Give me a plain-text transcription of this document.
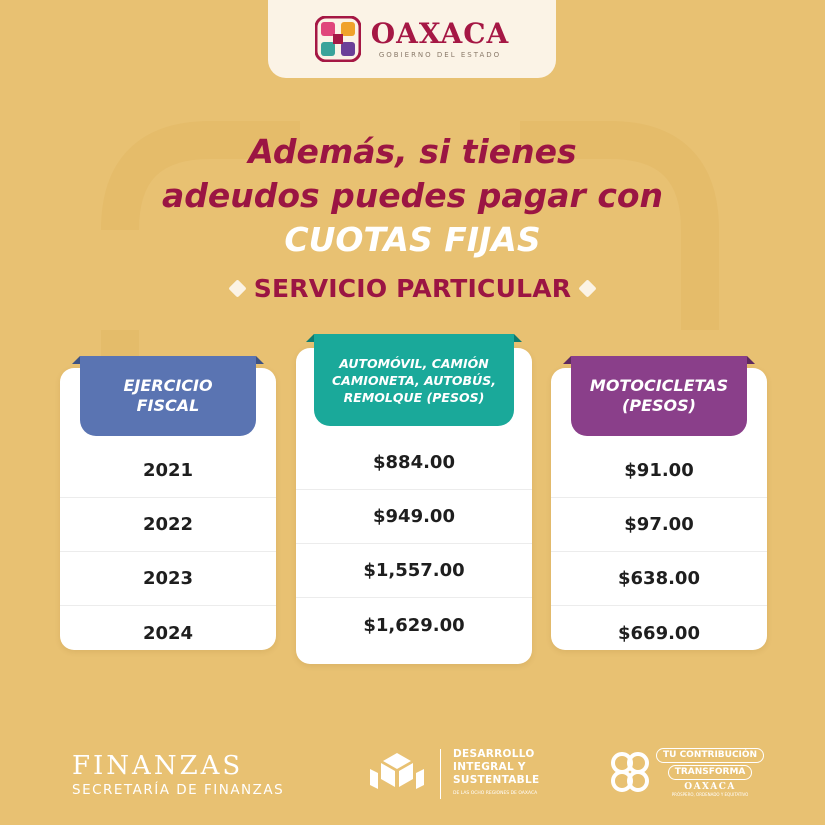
OAXACA
GOBIERNO DEL ESTADO
Además, si tienes
adeudos puedes pagar con
CUOTAS FIJAS
SERVICIO PARTICULAR
2021
2022
2023
2024
$884.00
$949.00
$1,557.00
$1,629.00
$91.00
$97.00
$638.00
$669.00
EJERCICIO
FISCAL
AUTOMÓVIL, CAMIÓN
CAMIONETA, AUTOBÚS,
REMOLQUE (PESOS)
MOTOCICLETAS
(PESOS)
FINANZAS
SECRETARÍA DE FINANZAS
DESARROLLO
INTEGRAL Y
SUSTENTABLE
DE LAS OCHO REGIONES DE OAXACA
TU CONTRIBUCIÓN
TRANSFORMA
OAXACA
PRÓSPERO, ORDENADO Y EQUITATIVO
